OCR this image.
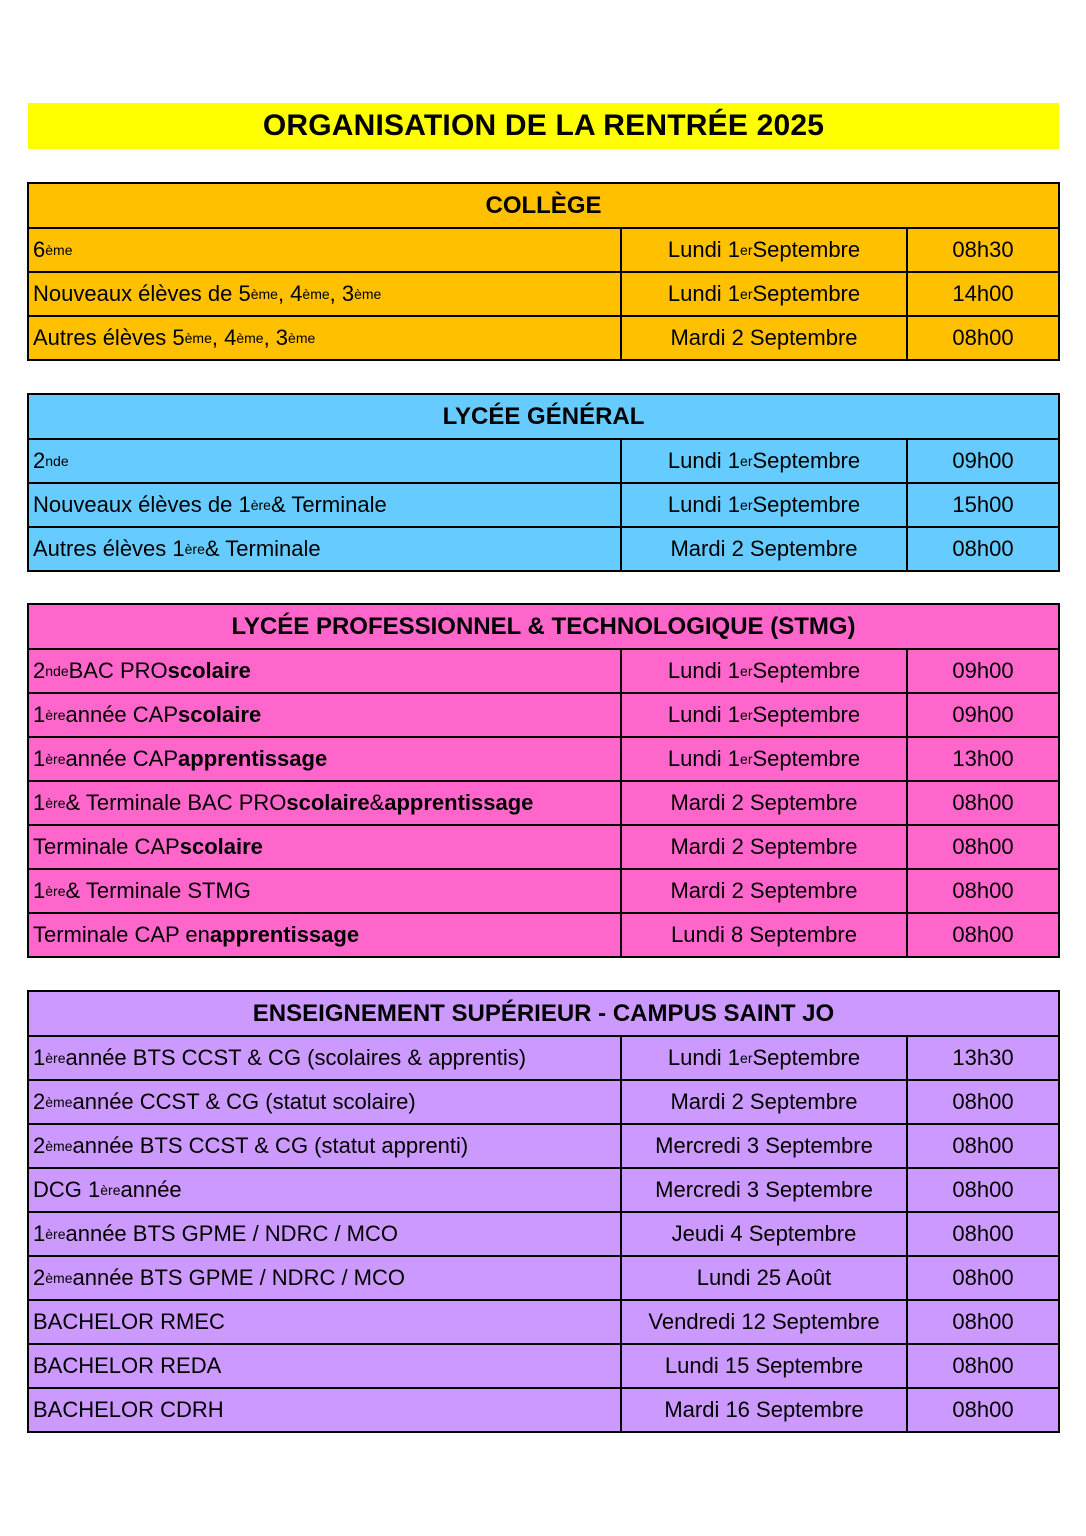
ORGANISATION DE LA RENTRÉE 2025
COLLÈGE
6 ème	Lundi 1 er Septembre	08h30
Nouveaux élèves de 5 ème , 4 ème , 3 ème	Lundi 1 er Septembre	14h00
Autres élèves 5 ème , 4 ème , 3 ème	Mardi 2 Septembre	08h00
LYCÉE GÉNÉRAL
2 nde	Lundi 1 er Septembre	09h00
Nouveaux élèves de 1 ère & Terminale	Lundi 1 er Septembre	15h00
Autres élèves 1 ère & Terminale	Mardi 2 Septembre	08h00
LYCÉE PROFESSIONNEL & TECHNOLOGIQUE (STMG)
2 nde BAC PRO scolaire	Lundi 1 er Septembre	09h00
1 ère année CAP scolaire	Lundi 1 er Septembre	09h00
1 ère année CAP apprentissage	Lundi 1 er Septembre	13h00
1 ère & Terminale BAC PRO scolaire & apprentissage	Mardi 2 Septembre	08h00
Terminale CAP scolaire	Mardi 2 Septembre	08h00
1 ère & Terminale STMG	Mardi 2 Septembre	08h00
Terminale CAP en apprentissage	Lundi 8 Septembre	08h00
ENSEIGNEMENT SUPÉRIEUR - CAMPUS SAINT JO
1 ère année BTS CCST & CG (scolaires & apprentis)	Lundi 1 er Septembre	13h30
2 ème année CCST & CG (statut scolaire)	Mardi 2 Septembre	08h00
2 ème année BTS CCST & CG (statut apprenti)	Mercredi 3 Septembre	08h00
DCG 1 ère année	Mercredi 3 Septembre	08h00
1 ère année BTS GPME / NDRC / MCO	Jeudi 4 Septembre	08h00
2 ème année BTS GPME / NDRC / MCO	Lundi 25 Août	08h00
BACHELOR RMEC	Vendredi 12 Septembre	08h00
BACHELOR REDA	Lundi 15 Septembre	08h00
BACHELOR CDRH	Mardi 16 Septembre	08h00
